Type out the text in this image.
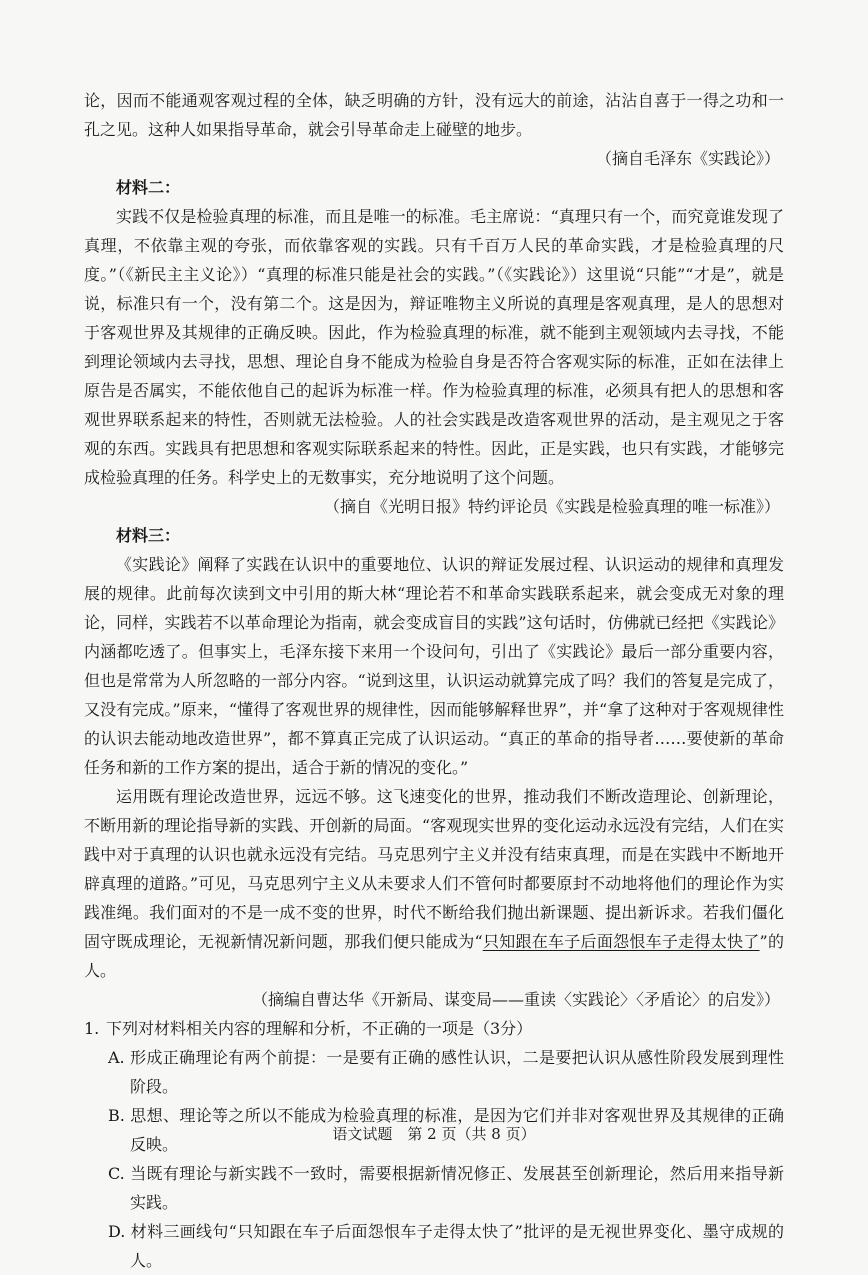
论，因而不能通观客观过程的全体，缺乏明确的方针，没有远大的前途，沾沾自喜于一得之功和一孔之见。这种人如果指导革命，就会引导革命走上碰壁的地步。

（摘自毛泽东《实践论》）

材料二：

实践不仅是检验真理的标准，而且是唯一的标准。毛主席说：“真理只有一个，而究竟谁发现了真理，不依靠主观的夸张，而依靠客观的实践。只有千百万人民的革命实践，才是检验真理的尺度。”（《新民主主义论》）“真理的标准只能是社会的实践。”（《实践论》）这里说“只能”“才是”，就是说，标准只有一个，没有第二个。这是因为，辩证唯物主义所说的真理是客观真理，是人的思想对于客观世界及其规律的正确反映。因此，作为检验真理的标准，就不能到主观领域内去寻找，不能到理论领域内去寻找，思想、理论自身不能成为检验自身是否符合客观实际的标准，正如在法律上原告是否属实，不能依他自己的起诉为标准一样。作为检验真理的标准，必须具有把人的思想和客观世界联系起来的特性，否则就无法检验。人的社会实践是改造客观世界的活动，是主观见之于客观的东西。实践具有把思想和客观实际联系起来的特性。因此，正是实践，也只有实践，才能够完成检验真理的任务。科学史上的无数事实，充分地说明了这个问题。

（摘自《光明日报》特约评论员《实践是检验真理的唯一标准》）

材料三：

《实践论》阐释了实践在认识中的重要地位、认识的辩证发展过程、认识运动的规律和真理发展的规律。此前每次读到文中引用的斯大林“理论若不和革命实践联系起来，就会变成无对象的理论，同样，实践若不以革命理论为指南，就会变成盲目的实践”这句话时，仿佛就已经把《实践论》内涵都吃透了。但事实上，毛泽东接下来用一个设问句，引出了《实践论》最后一部分重要内容，但也是常常为人所忽略的一部分内容。“说到这里，认识运动就算完成了吗？我们的答复是完成了，又没有完成。”原来，“懂得了客观世界的规律性，因而能够解释世界”，并“拿了这种对于客观规律性的认识去能动地改造世界”，都不算真正完成了认识运动。“真正的革命的指导者……要使新的革命任务和新的工作方案的提出，适合于新的情况的变化。”

运用既有理论改造世界，远远不够。这飞速变化的世界，推动我们不断改造理论、创新理论，不断用新的理论指导新的实践、开创新的局面。“客观现实世界的变化运动永远没有完结，人们在实践中对于真理的认识也就永远没有完结。马克思列宁主义并没有结束真理，而是在实践中不断地开辟真理的道路。”可见，马克思列宁主义从未要求人们不管何时都要原封不动地将他们的理论作为实践准绳。我们面对的不是一成不变的世界，时代不断给我们抛出新课题、提出新诉求。若我们僵化固守既成理论，无视新情况新问题，那我们便只能成为“只知跟在车子后面怨恨车子走得太快了”的人。

（摘编自曹达华《开新局、谋变局——重读〈实践论〉〈矛盾论〉的启发》）

1. 下列对材料相关内容的理解和分析，不正确的一项是（3分）

A. 形成正确理论有两个前提：一是要有正确的感性认识，二是要把认识从感性阶段发展到理性阶段。

B. 思想、理论等之所以不能成为检验真理的标准，是因为它们并非对客观世界及其规律的正确反映。

C. 当既有理论与新实践不一致时，需要根据新情况修正、发展甚至创新理论，然后用来指导新实践。

D. 材料三画线句“只知跟在车子后面怨恨车子走得太快了”批评的是无视世界变化、墨守成规的人。

语文试题　第 2 页（共 8 页）
